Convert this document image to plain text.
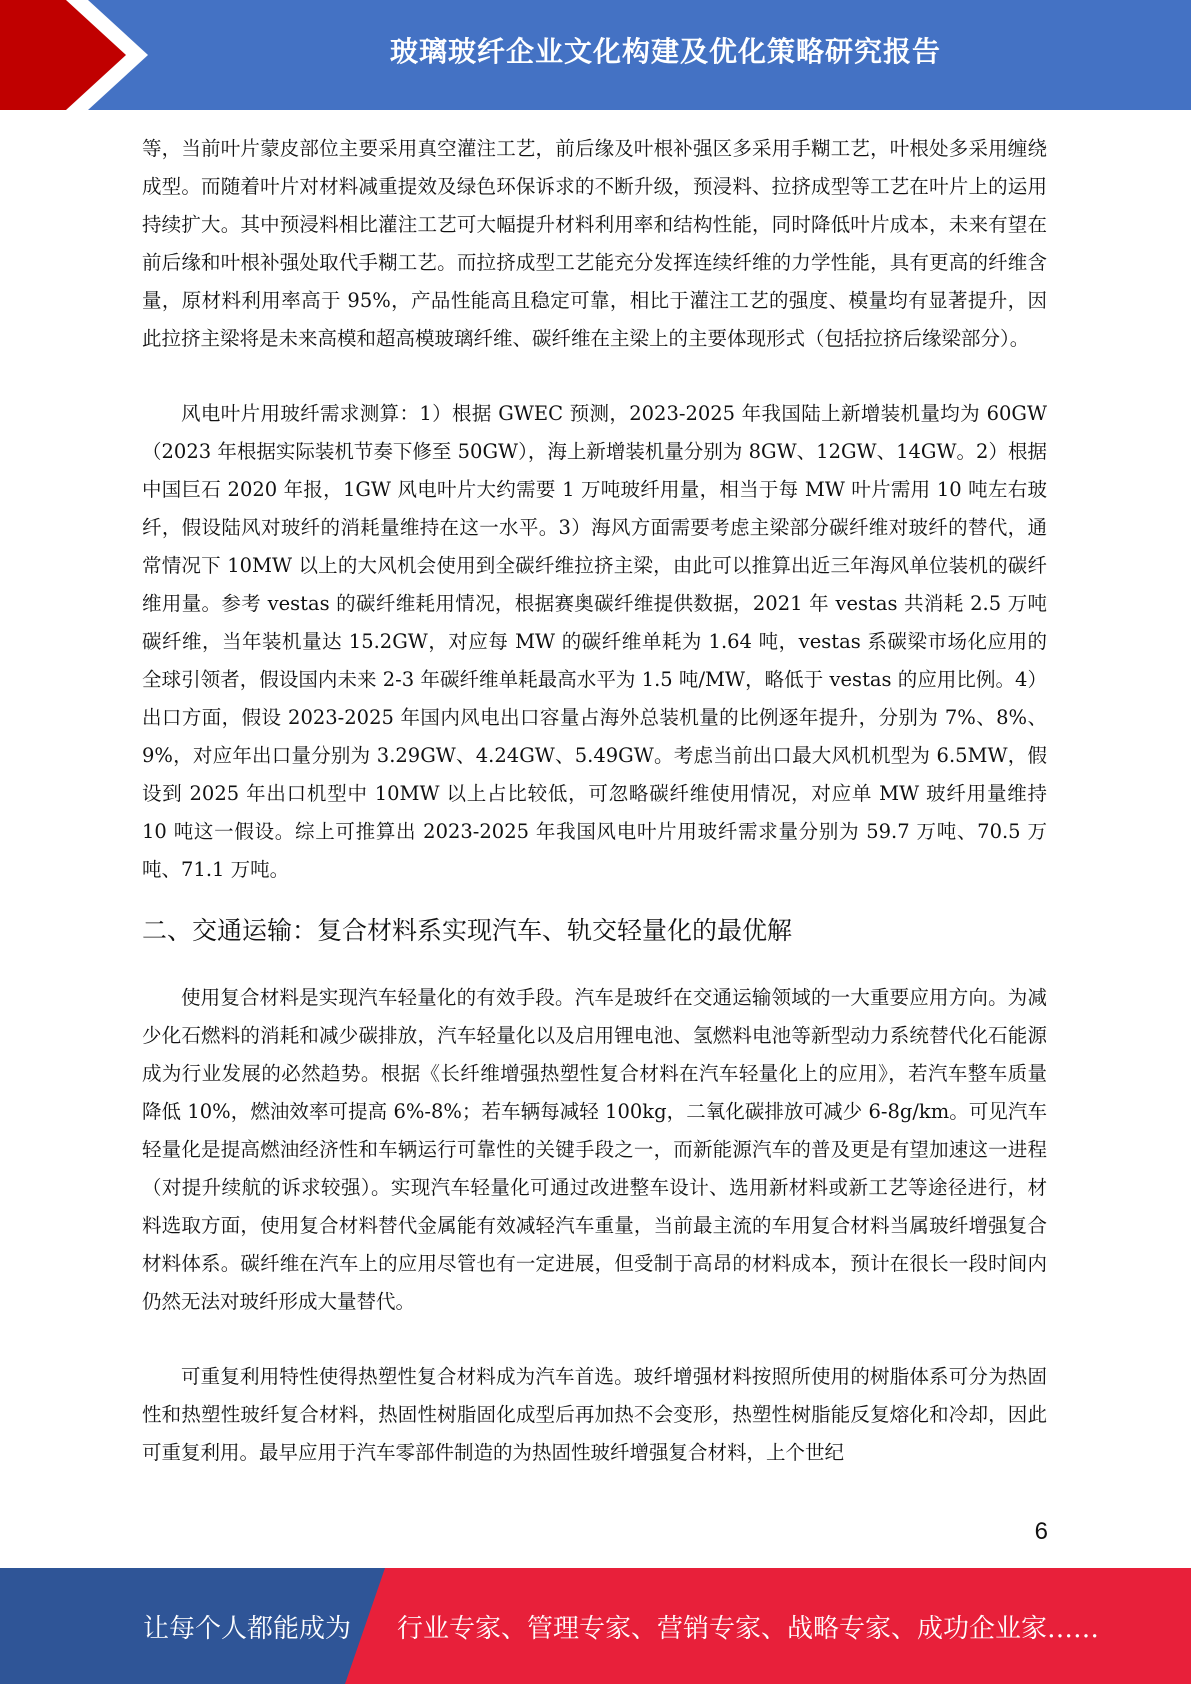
玻璃玻纤企业文化构建及优化策略研究报告

等，当前叶片蒙皮部位主要采用真空灌注工艺，前后缘及叶根补强区多采用手糊工艺，叶根处多采用缠绕成型。而随着叶片对材料减重提效及绿色环保诉求的不断升级，预浸料、拉挤成型等工艺在叶片上的运用持续扩大。其中预浸料相比灌注工艺可大幅提升材料利用率和结构性能，同时降低叶片成本，未来有望在前后缘和叶根补强处取代手糊工艺。而拉挤成型工艺能充分发挥连续纤维的力学性能，具有更高的纤维含量，原材料利用率高于 95%，产品性能高且稳定可靠，相比于灌注工艺的强度、模量均有显著提升，因此拉挤主梁将是未来高模和超高模玻璃纤维、碳纤维在主梁上的主要体现形式（包括拉挤后缘梁部分）。

风电叶片用玻纤需求测算：1）根据 GWEC 预测，2023-2025 年我国陆上新增装机量均为 60GW（2023 年根据实际装机节奏下修至 50GW），海上新增装机量分别为 8GW、12GW、14GW。2）根据中国巨石 2020 年报，1GW 风电叶片大约需要 1 万吨玻纤用量，相当于每 MW 叶片需用 10 吨左右玻纤，假设陆风对玻纤的消耗量维持在这一水平。3）海风方面需要考虑主梁部分碳纤维对玻纤的替代，通常情况下 10MW 以上的大风机会使用到全碳纤维拉挤主梁，由此可以推算出近三年海风单位装机的碳纤维用量。参考 vestas 的碳纤维耗用情况，根据赛奥碳纤维提供数据，2021 年 vestas 共消耗 2.5 万吨碳纤维，当年装机量达 15.2GW，对应每 MW 的碳纤维单耗为 1.64 吨，vestas 系碳梁市场化应用的全球引领者，假设国内未来 2-3 年碳纤维单耗最高水平为 1.5 吨/MW，略低于 vestas 的应用比例。4）出口方面，假设 2023-2025 年国内风电出口容量占海外总装机量的比例逐年提升，分别为 7%、8%、9%，对应年出口量分别为 3.29GW、4.24GW、5.49GW。考虑当前出口最大风机机型为 6.5MW，假设到 2025 年出口机型中 10MW 以上占比较低，可忽略碳纤维使用情况，对应单 MW 玻纤用量维持 10 吨这一假设。综上可推算出 2023-2025 年我国风电叶片用玻纤需求量分别为 59.7 万吨、70.5 万吨、71.1 万吨。

二、交通运输：复合材料系实现汽车、轨交轻量化的最优解

使用复合材料是实现汽车轻量化的有效手段。汽车是玻纤在交通运输领域的一大重要应用方向。为减少化石燃料的消耗和减少碳排放，汽车轻量化以及启用锂电池、氢燃料电池等新型动力系统替代化石能源成为行业发展的必然趋势。根据《长纤维增强热塑性复合材料在汽车轻量化上的应用》，若汽车整车质量降低 10%，燃油效率可提高 6%-8%；若车辆每减轻 100kg，二氧化碳排放可减少 6-8g/km。可见汽车轻量化是提高燃油经济性和车辆运行可靠性的关键手段之一，而新能源汽车的普及更是有望加速这一进程（对提升续航的诉求较强）。实现汽车轻量化可通过改进整车设计、选用新材料或新工艺等途径进行，材料选取方面，使用复合材料替代金属能有效减轻汽车重量，当前最主流的车用复合材料当属玻纤增强复合材料体系。碳纤维在汽车上的应用尽管也有一定进展，但受制于高昂的材料成本，预计在很长一段时间内仍然无法对玻纤形成大量替代。

可重复利用特性使得热塑性复合材料成为汽车首选。玻纤增强材料按照所使用的树脂体系可分为热固性和热塑性玻纤复合材料，热固性树脂固化成型后再加热不会变形，热塑性树脂能反复熔化和冷却，因此可重复利用。最早应用于汽车零部件制造的为热固性玻纤增强复合材料，上个世纪

6
让每个人都能成为 行业专家、管理专家、营销专家、战略专家、成功企业家……
